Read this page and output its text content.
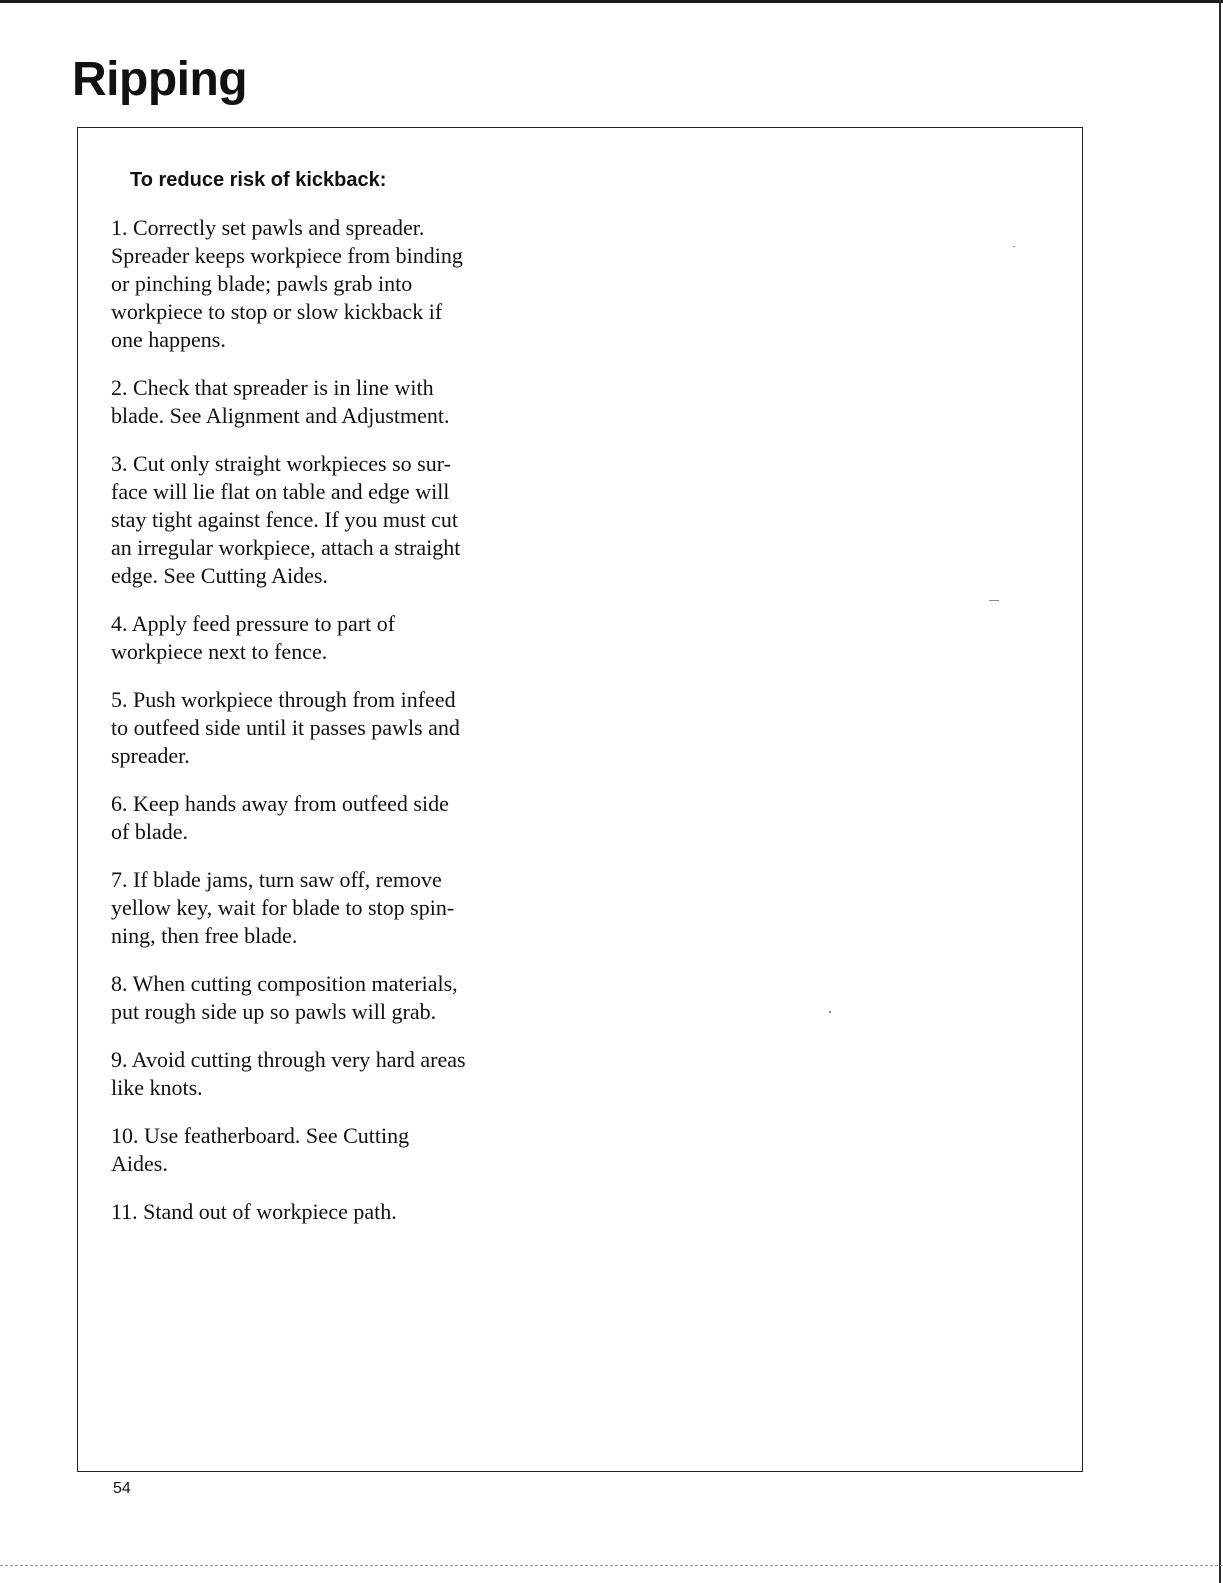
Ripping
To reduce risk of kickback:
1. Correctly set pawls and spreader.
Spreader keeps workpiece from binding
or pinching blade; pawls grab into
workpiece to stop or slow kickback if
one happens.
2. Check that spreader is in line with
blade. See Alignment and Adjustment.
3. Cut only straight workpieces so sur-
face will lie flat on table and edge will
stay tight against fence. If you must cut
an irregular workpiece, attach a straight
edge. See Cutting Aides.
4. Apply feed pressure to part of
workpiece next to fence.
5. Push workpiece through from infeed
to outfeed side until it passes pawls and
spreader.
6. Keep hands away from outfeed side
of blade.
7. If blade jams, turn saw off, remove
yellow key, wait for blade to stop spin-
ning, then free blade.
8. When cutting composition materials,
put rough side up so pawls will grab.
9. Avoid cutting through very hard areas
like knots.
10. Use featherboard. See Cutting
Aides.
11. Stand out of workpiece path.
54
